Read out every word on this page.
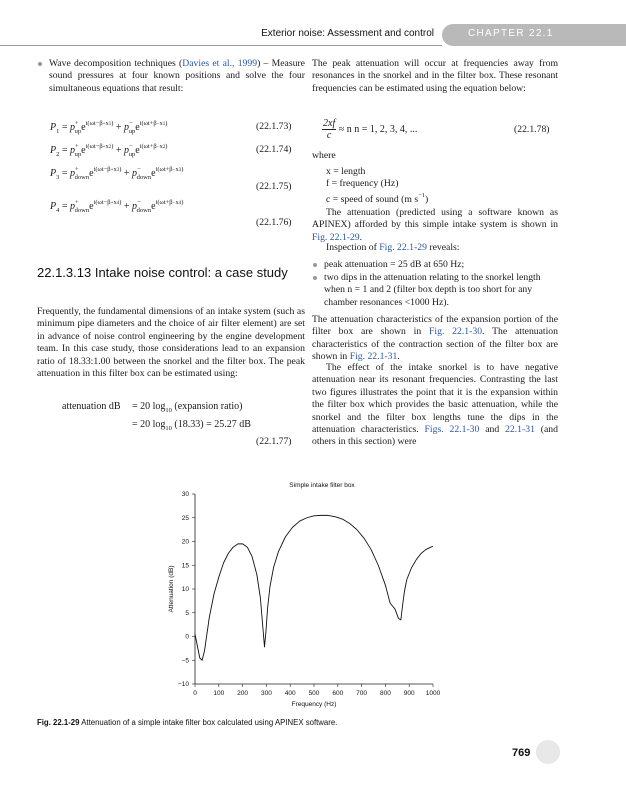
Exterior noise: Assessment and control	CHAPTER 22.1
Wave decomposition techniques (Davies et al., 1999) – Measure sound pressures at four known positions and solve the four simultaneous equations that result:
$P_1 = p^+_{up}e^{i(\omega t-\beta+x1)} + p^-_{up}e^{i(\omega t+\beta-x1)}$	(22.1.73)
$P_2 = p^+_{up}e^{i(\omega t-\beta+x2)} + p^-_{up}e^{i(\omega t+\beta-x2)}$	(22.1.74)
$P_3 = p^+_{down}e^{i(\omega t-\beta+x3)} + p^-_{down}e^{i(\omega t+\beta-x3)}$
(22.1.75)
$P_4 = p^+_{down}e^{i(\omega t-\beta+x4)} + p^-_{down}e^{i(\omega t+\beta-x4)}$
(22.1.76)
22.1.3.13 Intake noise control: a case study
Frequently, the fundamental dimensions of an intake system (such as minimum pipe diameters and the choice of air filter element) are set in advance of noise control engineering by the engine development team. In this case study, those considerations lead to an expansion ratio of 18.33:1.00 between the snorkel and the filter box. The peak attenuation in this filter box can be estimated using:
attenuation dB = 20 $\log_{10}$ (expansion ratio)
= 20 $\log_{10} (18.33) = 25.27$ dB
(22.1.77)
The peak attenuation will occur at frequencies away from resonances in the snorkel and in the filter box. These resonant frequencies can be estimated using the equation below:
$\frac{2xf}{c} \approx n$ n = 1, 2, 3, 4, ...	(22.1.78)
where
x = length
f = frequency (Hz)
c = speed of sound (m $s^{-1}$)
The attenuation (predicted using a software known as APINEX) afforded by this simple intake system is shown in Fig. 22.1-29.
Inspection of Fig. 22.1-29 reveals:
peak attenuation = 25 dB at 650 Hz;
two dips in the attenuation relating to the snorkel length when n = 1 and 2 (filter box depth is too short for any chamber resonances <1000 Hz).
The attenuation characteristics of the expansion portion of the filter box are shown in Fig. 22.1-30. The attenuation characteristics of the contraction section of the filter box are shown in Fig. 22.1-31.
The effect of the intake snorkel is to have negative attenuation near its resonant frequencies. Contrasting the last two figures illustrates the point that it is the expansion within the filter box which provides the basic attenuation, while the snorkel and the filter box lengths tune the dips in the attenuation characteristics. Figs. 22.1-30 and 22.1-31 (and others in this section) were
Simple intake filter box
−10
−5
0
5
10
15
20
25
30
0	100 200 300 400 500 600 700 800 900 1000
Frequency (Hz)
Attenuation (dB)
Fig. 22.1-29 Attenuation of a simple intake filter box calculated using APINEX software.
769
